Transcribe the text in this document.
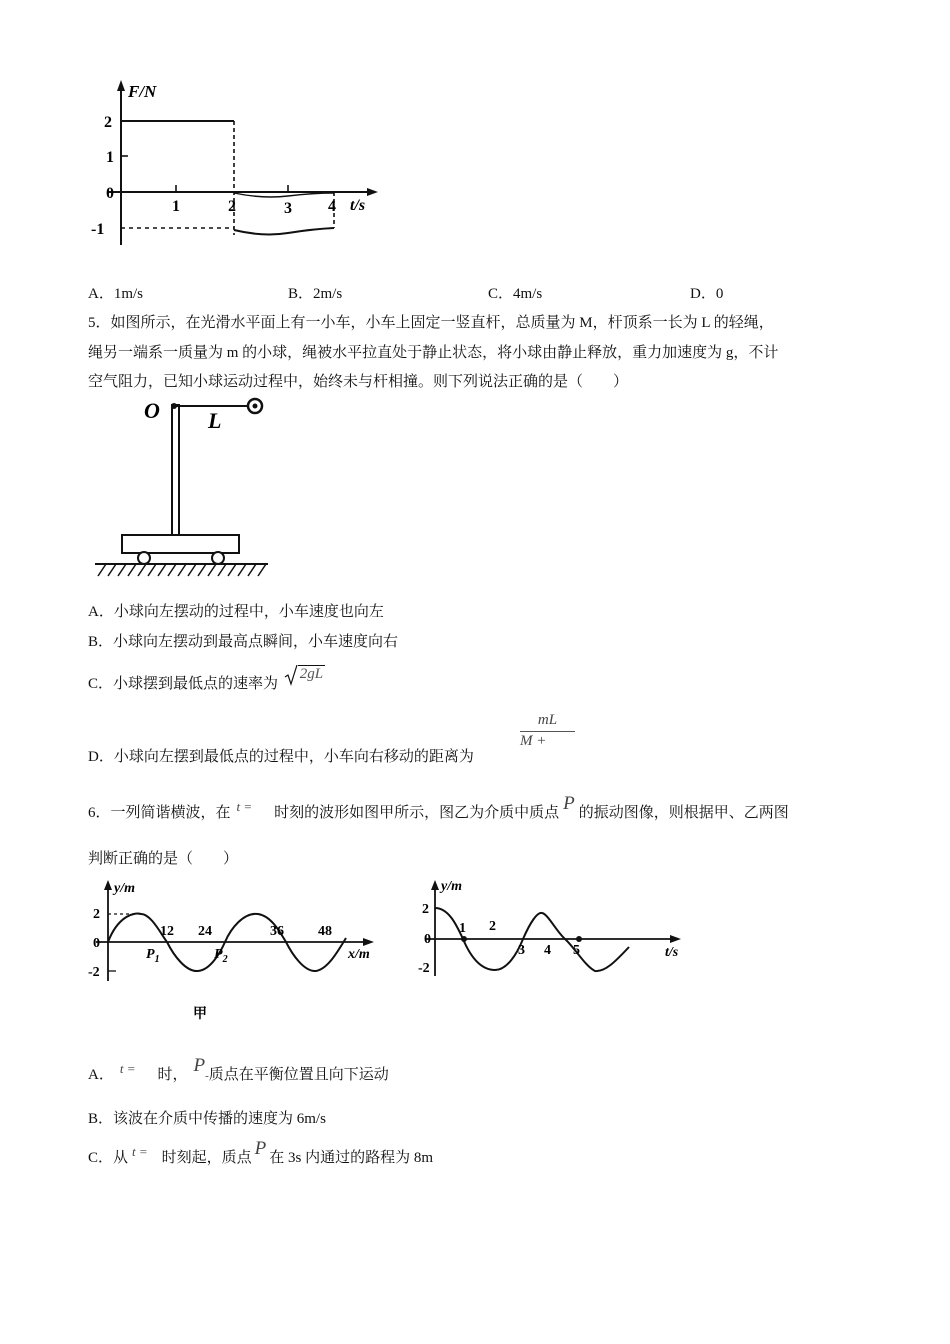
F/N
t/s
2
1
0
-1
1	2	3 4
A．1m/s	B．2m/s	C．4m/s	D．0
5．如图所示，在光滑水平面上有一小车，小车上固定一竖直杆，总质量为 M，杆顶系一长为 L 的轻绳，
绳另一端系一质量为 m 的小球，绳被水平拉直处于静止状态，将小球由静止释放，重力加速度为 g，不计
空气阻力，已知小球运动过程中，始终未与杆相撞。则下列说法正确的是（　　）
O L
A．小球向左摆动的过程中，小车速度也向左
B．小球向左摆动到最高点瞬间，小车速度向右
C．小球摆到最低点的速率为 2gL
$\frac{mL}{M +}$
D．小球向左摆到最低点的过程中，小车向右移动的距离为
6．一列简谐横波，在 t = 时刻的波形如图甲所示，图乙为介质中质点 P 的振动图像，则根据甲、乙两图
判断正确的是（　　）
y/m
x/m
2
0
-2
12 24	36 48
$P_1$	$P_2$
甲
y/m
t/s
2
0
-2
1 2
3 4 5
A． t = 时， $P_-$质点在平衡位置且向下运动
B．该波在介质中传播的速度为 6m/s
C．从 t = 时刻起，质点 P 在 3s 内通过的路程为 8m
